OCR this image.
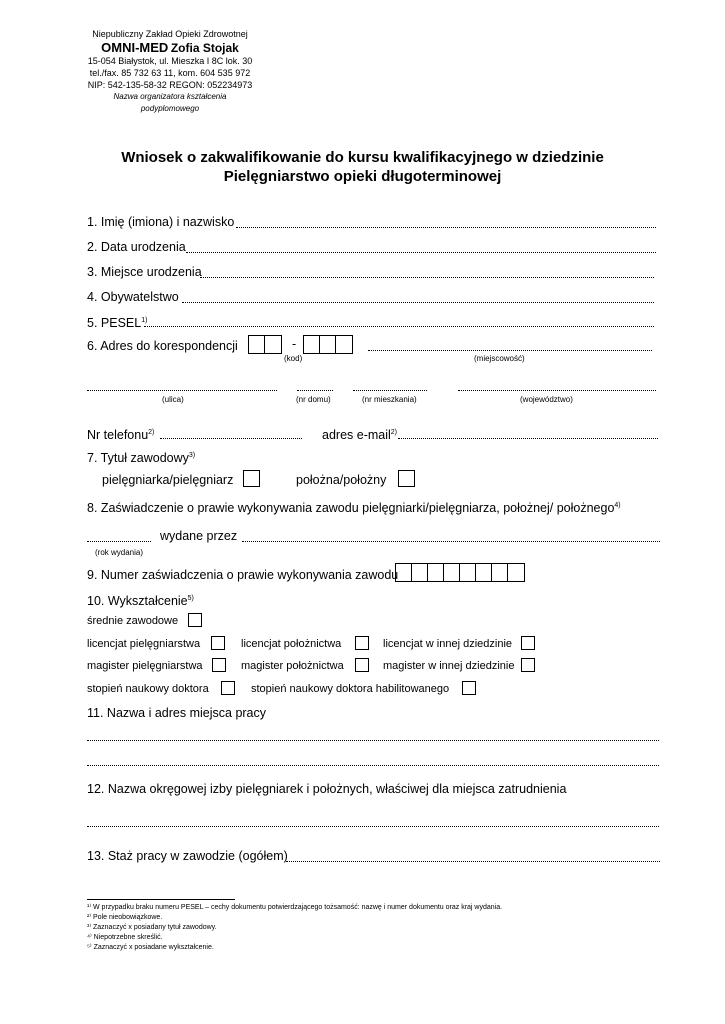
Niepubliczny Zakład Opieki Zdrowotnej
OMNI-MED Zofia Stojak
15-054 Białystok, ul. Mieszka I 8C lok. 30
tel./fax. 85 732 63 11, kom. 604 535 972
NIP: 542-135-58-32 REGON: 052234973
Nazwa organizatora kształcenia
podyplomowego
Wniosek o zakwalifikowanie do kursu kwalifikacyjnego w dziedzinie
Pielęgniarstwo opieki długoterminowej
1. Imię (imiona) i nazwisko
2. Data urodzenia
3. Miejsce urodzenia
4. Obywatelstwo
5. PESEL$^{1)}$
6. Adres do korespondencji	-
(kod)	(miejscowość)
(ulica)	(nr domu)	(nr mieszkania)	(województwo)
Nr telefonu$^{2)}$	adres e-mail$^{2)}$
7. Tytuł zawodowy$^{3)}$
pielęgniarka/pielęgniarz	położna/położny
8. Zaświadczenie o prawie wykonywania zawodu pielęgniarki/pielęgniarza, położnej/ położnego$^{4)}$
wydane przez
(rok wydania)
9. Numer zaświadczenia o prawie wykonywania zawodu
10. Wykształcenie$^{5)}$
średnie zawodowe
licencjat pielęgniarstwa	licencjat położnictwa	licencjat w innej dziedzinie
magister pielęgniarstwa	magister położnictwa	magister w innej dziedzinie
stopień naukowy doktora	stopień naukowy doktora habilitowanego
11. Nazwa i adres miejsca pracy
12. Nazwa okręgowej izby pielęgniarek i położnych, właściwej dla miejsca zatrudnienia
13. Staż pracy w zawodzie (ogółem)
¹⁾ W przypadku braku numeru PESEL – cechy dokumentu potwierdzającego tożsamość: nazwę i numer dokumentu oraz kraj wydania.
²⁾ Pole nieobowiązkowe.
³⁾ Zaznaczyć x posiadany tytuł zawodowy.
⁴⁾ Niepotrzebne skreślić.
⁵⁾ Zaznaczyć x posiadane wykształcenie.
